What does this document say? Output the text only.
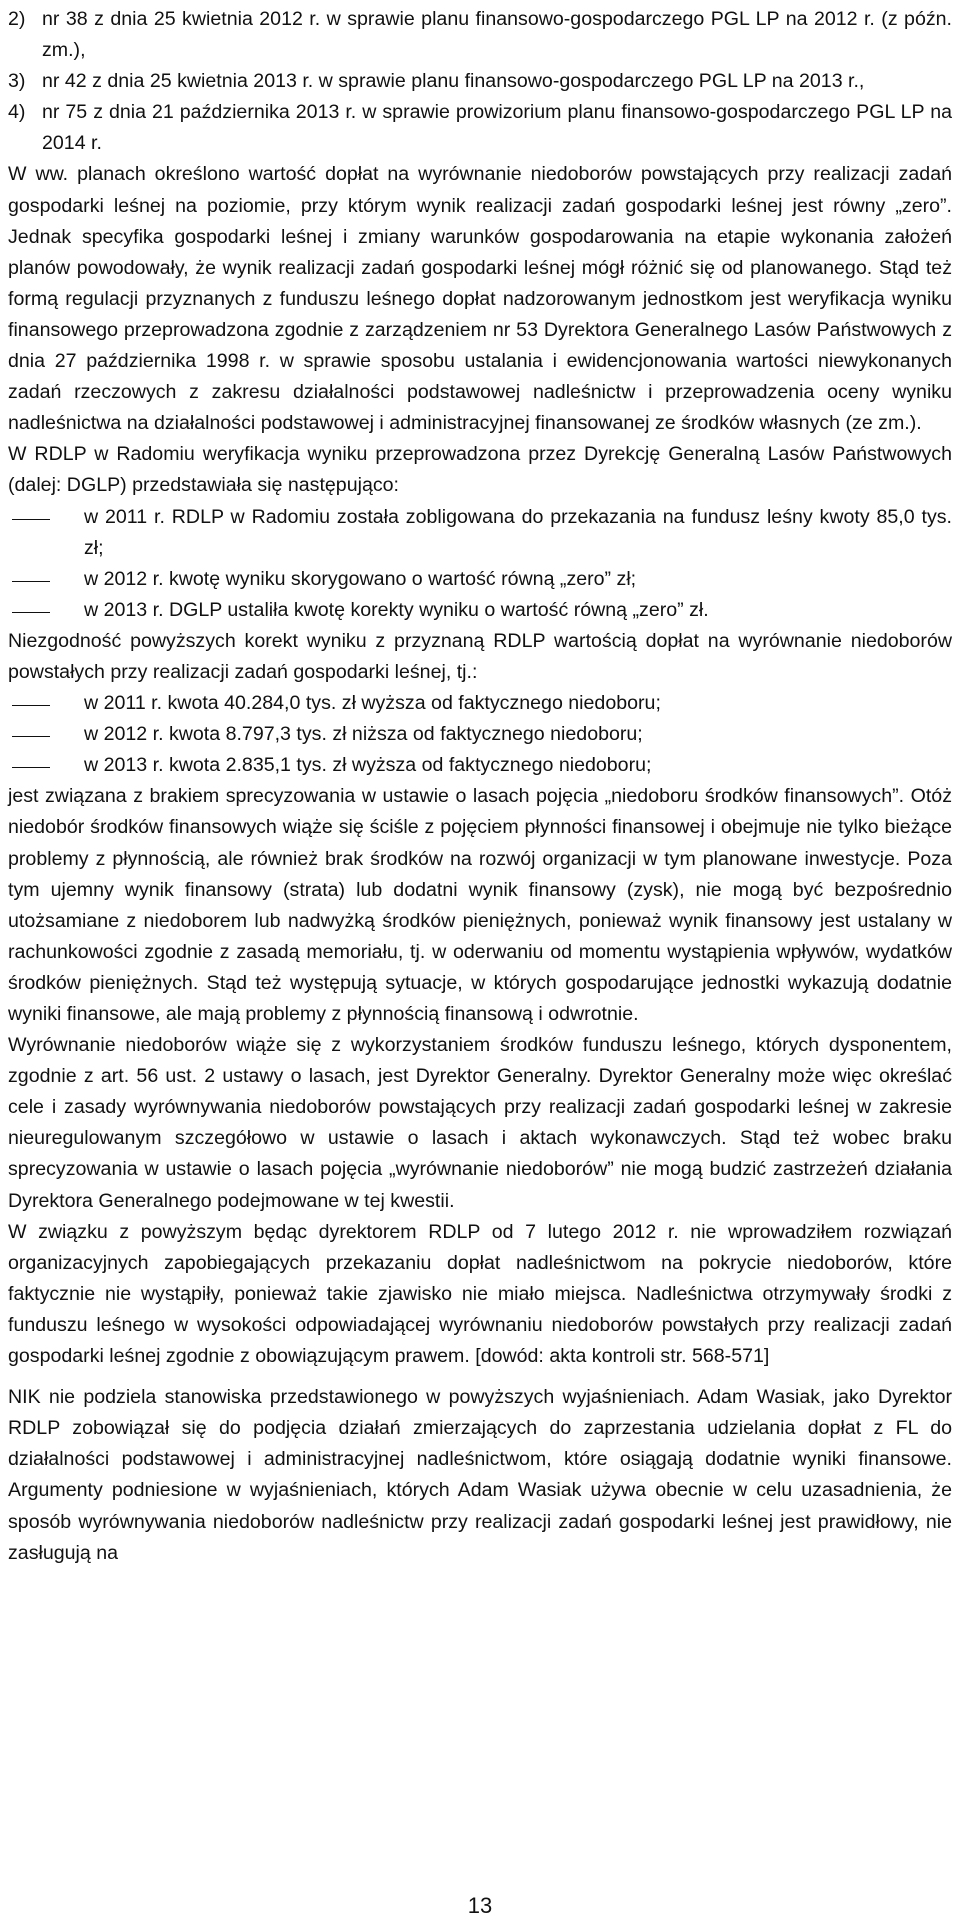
2) nr 38 z dnia 25 kwietnia 2012 r. w sprawie planu finansowo-gospodarczego PGL LP na 2012 r. (z późn. zm.),
3) nr 42 z dnia 25 kwietnia 2013 r. w sprawie planu finansowo-gospodarczego PGL LP na 2013 r.,
4) nr 75 z dnia 21 października 2013 r. w sprawie prowizorium planu finansowo-gospodarczego PGL LP na 2014 r.

W ww. planach określono wartość dopłat na wyrównanie niedoborów powstających przy realizacji zadań gospodarki leśnej na poziomie, przy którym wynik realizacji zadań gospodarki leśnej jest równy „zero”. Jednak specyfika gospodarki leśnej i zmiany warunków gospodarowania na etapie wykonania założeń planów powodowały, że wynik realizacji zadań gospodarki leśnej mógł różnić się od planowanego. Stąd też formą regulacji przyznanych z funduszu leśnego dopłat nadzorowanym jednostkom jest weryfikacja wyniku finansowego przeprowadzona zgodnie z zarządzeniem nr 53 Dyrektora Generalnego Lasów Państwowych z dnia 27 października 1998 r. w sprawie sposobu ustalania i ewidencjonowania wartości niewykonanych zadań rzeczowych z zakresu działalności podstawowej nadleśnictw i przeprowadzenia oceny wyniku nadleśnictwa na działalności podstawowej i administracyjnej finansowanej ze środków własnych (ze zm.).

W RDLP w Radomiu weryfikacja wyniku przeprowadzona przez Dyrekcję Generalną Lasów Państwowych (dalej: DGLP) przedstawiała się następująco:

w 2011 r. RDLP w Radomiu została zobligowana do przekazania na fundusz leśny kwoty 85,0 tys. zł;
w 2012 r. kwotę wyniku skorygowano o wartość równą „zero” zł;
w 2013 r. DGLP ustaliła kwotę korekty wyniku o wartość równą „zero” zł.

Niezgodność powyższych korekt wyniku z przyznaną RDLP wartością dopłat na wyrównanie niedoborów powstałych przy realizacji zadań gospodarki leśnej, tj.:

w 2011 r. kwota 40.284,0 tys. zł wyższa od faktycznego niedoboru;
w 2012 r. kwota 8.797,3 tys. zł niższa od faktycznego niedoboru;
w 2013 r. kwota 2.835,1 tys. zł wyższa od faktycznego niedoboru;

jest związana z brakiem sprecyzowania w ustawie o lasach pojęcia „niedoboru środków finansowych”. Otóż niedobór środków finansowych wiąże się ściśle z pojęciem płynności finansowej i obejmuje nie tylko bieżące problemy z płynnością, ale również brak środków na rozwój organizacji w tym planowane inwestycje. Poza tym ujemny wynik finansowy (strata) lub dodatni wynik finansowy (zysk), nie mogą być bezpośrednio utożsamiane z niedoborem lub nadwyżką środków pieniężnych, ponieważ wynik finansowy jest ustalany w rachunkowości zgodnie z zasadą memoriału, tj. w oderwaniu od momentu wystąpienia wpływów, wydatków środków pieniężnych. Stąd też występują sytuacje, w których gospodarujące jednostki wykazują dodatnie wyniki finansowe, ale mają problemy z płynnością finansową i odwrotnie.

Wyrównanie niedoborów wiąże się z wykorzystaniem środków funduszu leśnego, których dysponentem, zgodnie z art. 56 ust. 2 ustawy o lasach, jest Dyrektor Generalny. Dyrektor Generalny może więc określać cele i zasady wyrównywania niedoborów powstających przy realizacji zadań gospodarki leśnej w zakresie nieuregulowanym szczegółowo w ustawie o lasach i aktach wykonawczych. Stąd też wobec braku sprecyzowania w ustawie o lasach pojęcia „wyrównanie niedoborów” nie mogą budzić zastrzeżeń działania Dyrektora Generalnego podejmowane w tej kwestii.

W związku z powyższym będąc dyrektorem RDLP od 7 lutego 2012 r. nie wprowadziłem rozwiązań organizacyjnych zapobiegających przekazaniu dopłat nadleśnictwom na pokrycie niedoborów, które faktycznie nie wystąpiły, ponieważ takie zjawisko nie miało miejsca. Nadleśnictwa otrzymywały środki z funduszu leśnego w wysokości odpowiadającej wyrównaniu niedoborów powstałych przy realizacji zadań gospodarki leśnej zgodnie z obowiązującym prawem. [dowód: akta kontroli str. 568-571]

NIK nie podziela stanowiska przedstawionego w powyższych wyjaśnieniach. Adam Wasiak, jako Dyrektor RDLP zobowiązał się do podjęcia działań zmierzających do zaprzestania udzielania dopłat z FL do działalności podstawowej i administracyjnej nadleśnictwom, które osiągają dodatnie wyniki finansowe. Argumenty podniesione w wyjaśnieniach, których Adam Wasiak używa obecnie w celu uzasadnienia, że sposób wyrównywania niedoborów nadleśnictw przy realizacji zadań gospodarki leśnej jest prawidłowy, nie zasługują na

13
